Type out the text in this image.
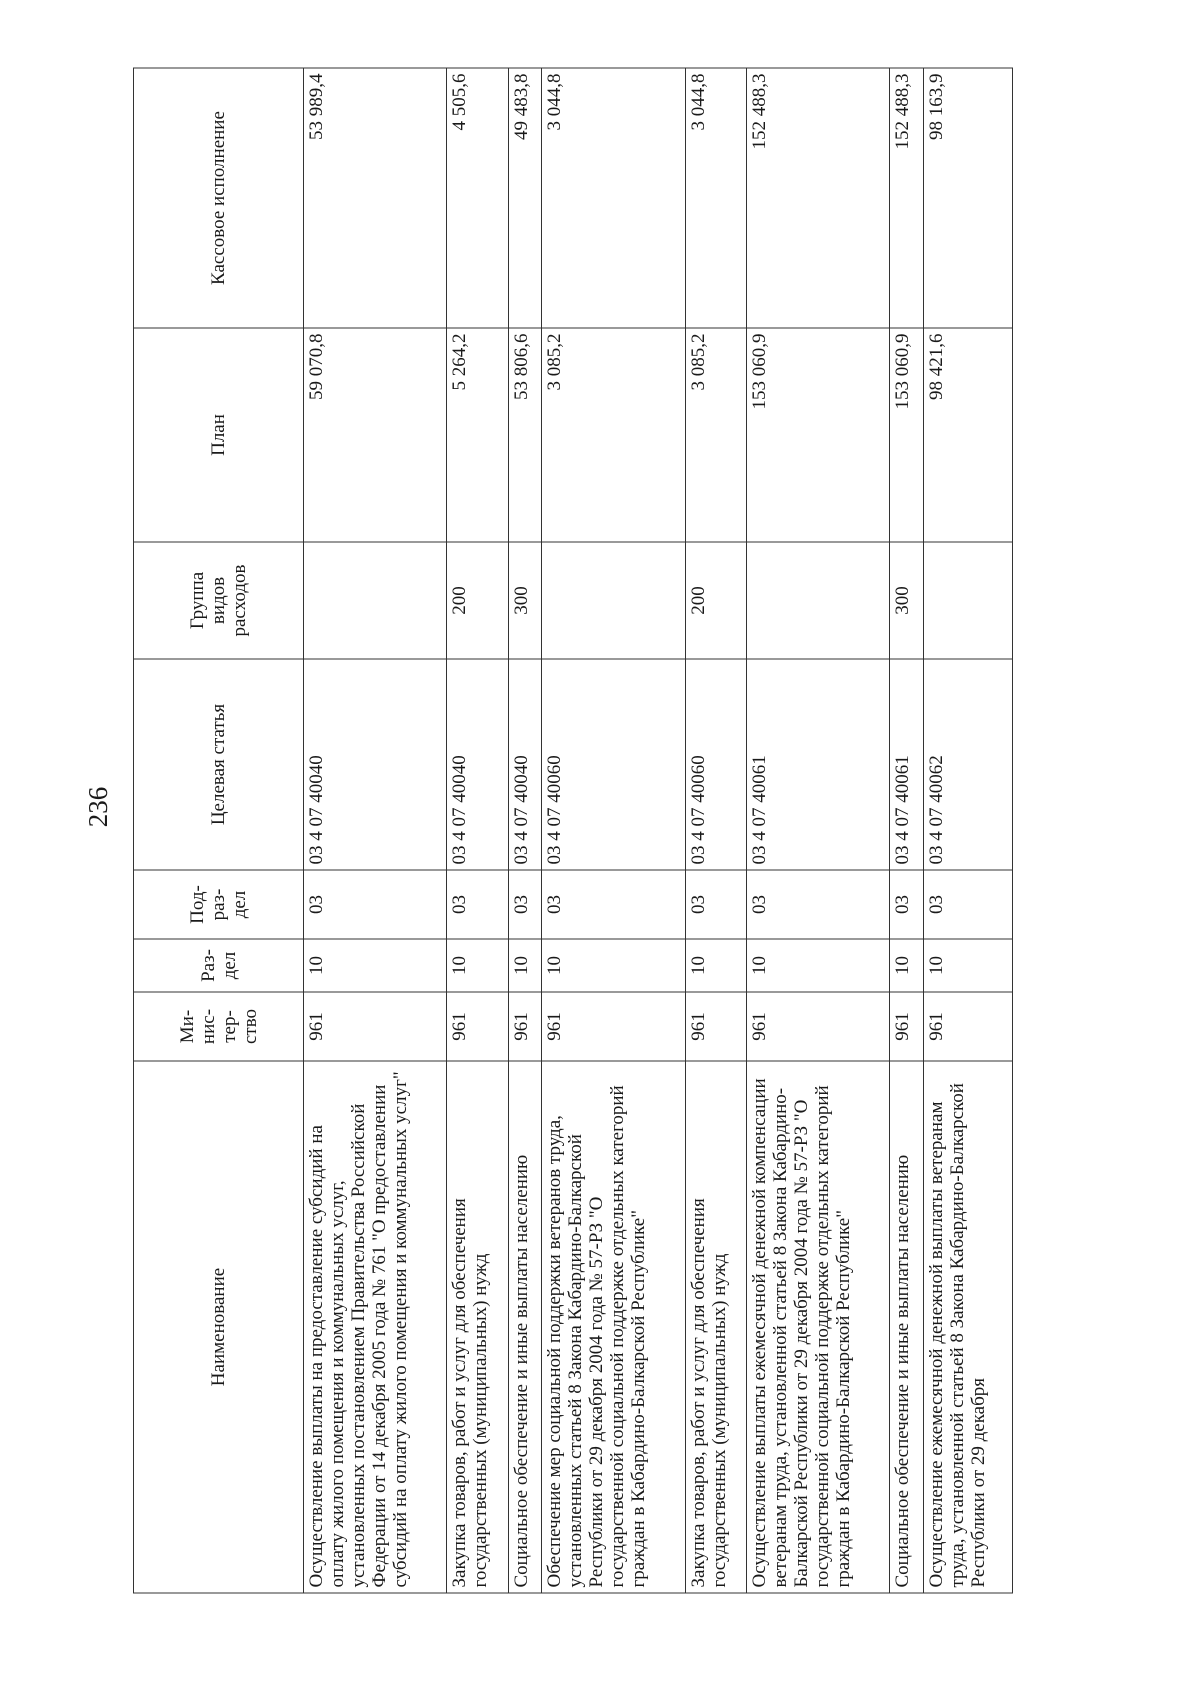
236
Наименование	Ми-нис-тер-ство	Раз-дел	Под-раз-дел	Целевая статья	Группа видов расходов	План	Кассовое исполнение
Осуществление выплаты на предоставление субсидий на оплату жилого помещения и коммунальных услуг, установленных постановлением Правительства Российской Федерации от 14 декабря 2005 года № 761 "О предоставлении субсидий на оплату жилого помещения и коммунальных услуг"	961	10	03	03 4 07 40040		59 070,8	53 989,4
Закупка товаров, работ и услуг для обеспечения государственных (муниципальных) нужд	961	10	03	03 4 07 40040	200	5 264,2	4 505,6
Социальное обеспечение и иные выплаты населению	961	10	03	03 4 07 40040	300	53 806,6	49 483,8
Обеспечение мер социальной поддержки ветеранов труда, установленных статьей 8 Закона Кабардино-Балкарской Республики от 29 декабря 2004 года № 57-РЗ "О государственной социальной поддержке отдельных категорий граждан в Кабардино-Балкарской Республике"	961	10	03	03 4 07 40060		3 085,2	3 044,8
Закупка товаров, работ и услуг для обеспечения государственных (муниципальных) нужд	961	10	03	03 4 07 40060	200	3 085,2	3 044,8
Осуществление выплаты ежемесячной денежной компенсации ветеранам труда, установленной статьей 8 Закона Кабардино-Балкарской Республики от 29 декабря 2004 года № 57-РЗ "О государственной социальной поддержке отдельных категорий граждан в Кабардино-Балкарской Республике"	961	10	03	03 4 07 40061		153 060,9	152 488,3
Социальное обеспечение и иные выплаты населению	961	10	03	03 4 07 40061	300	153 060,9	152 488,3
Осуществление ежемесячной денежной выплаты ветеранам труда, установленной статьей 8 Закона Кабардино-Балкарской Республики от 29 декабря	961	10	03	03 4 07 40062		98 421,6	98 163,9
